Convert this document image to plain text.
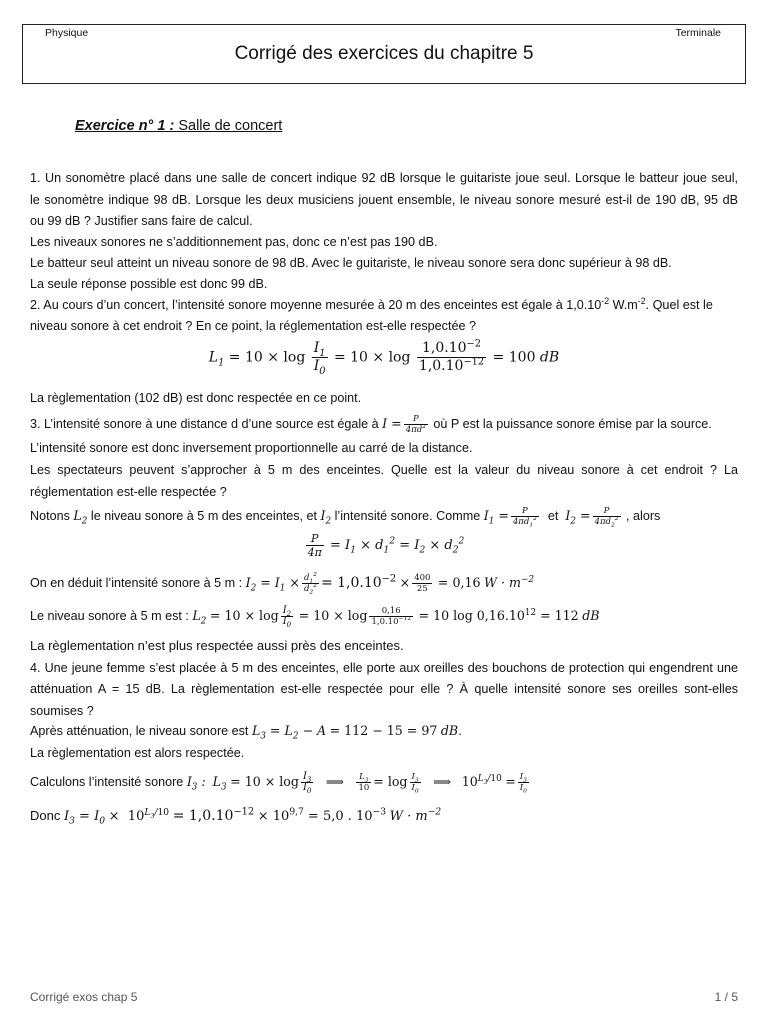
Physique	Terminale
Corrigé des exercices du chapitre 5
Exercice n° 1 : Salle de concert
1. Un sonomètre placé dans une salle de concert indique 92 dB lorsque le guitariste joue seul. Lorsque le batteur joue seul,
le sonomètre indique 98 dB. Lorsque les deux musiciens jouent ensemble, le niveau sonore mesuré est-il de 190 dB, 95 dB
ou 99 dB ? Justifier sans faire de calcul.
Les niveaux sonores ne s’additionnement pas, donc ce n’est pas 190 dB.
Le batteur seul atteint un niveau sonore de 98 dB. Avec le guitariste, le niveau sonore sera donc supérieur à 98 dB.
La seule réponse possible est donc 99 dB.
2. Au cours d’un concert, l’intensité sonore moyenne mesurée à 20 m des enceintes est égale à $1,0.10^{-2}$ $W.m^{-2}$. Quel est le
niveau sonore à cet endroit ? En ce point, la réglementation est-elle respectée ?
$L_1 = 10 \times \log \frac{I_1}{I_0} = 10 \times \log \frac{1,0.10^{-2}}{1,0.10^{-12}} = 100$ dB
La règlementation (102 dB) est donc respectée en ce point.
3. L’intensité sonore à une distance d d’une source est égale à $I = \frac{P}{4\pi d^2}$ où P est la puissance sonore émise par la source.
L’intensité sonore est donc inversement proportionnelle au carré de la distance.
Les spectateurs peuvent s’approcher à 5 m des enceintes. Quelle est la valeur du niveau sonore à cet endroit ? La
réglementation est-elle respectée ?
Notons $L_2$ le niveau sonore à 5 m des enceintes, et $I_2$ l’intensité sonore. Comme $I_1 = \frac{P}{4\pi d_1^2}$ et $I_2 = \frac{P}{4\pi d_2^2}$ , alors
$\frac{P}{4\pi} = I_1 \times d_1^2 = I_2 \times d_2^2$
On en déduit l’intensité sonore à 5 m : $I_2 = I_1 \times \frac{d_1^2}{d_2^2} = 1,0.10^{-2} \times \frac{400}{25} = 0,16$ $W \cdot m^{-2}$
Le niveau sonore à 5 m est : $L_2 = 10 \times \log \frac{I_2}{I_0} = 10 \times \log \frac{0,16}{1,0.10^{-12}} = 10$ $\log 0,16.10^{12} = 112$ dB
La règlementation n’est plus respectée aussi près des enceintes.
4. Une jeune femme s’est placée à 5 m des enceintes, elle porte aux oreilles des bouchons de protection qui engendrent une
atténuation A = 15 dB. La règlementation est-elle respectée pour elle ? À quelle intensité sonore ses oreilles sont-elles
soumises ?
Après atténuation, le niveau sonore est $L_3 = L_2 - A = 112 - 15 = 97$ dB.
La règlementation est alors respectée.
Calculons l’intensité sonore $I_3$ : $L_3 = 10 \times \log \frac{I_3}{I_0}$ ⟹ $\frac{L_3}{10} = \log \frac{I_3}{I_0}$ ⟹ $10^{L_3/10} = \frac{I_3}{I_0}$
Donc $I_3 = I_0 \times 10^{L_3/10} = 1,0.10^{-12} \times 10^{9,7} = 5,0$ . $10^{-3}$ $W \cdot m^{-2}$
Corrigé exos chap 5	1 / 5
